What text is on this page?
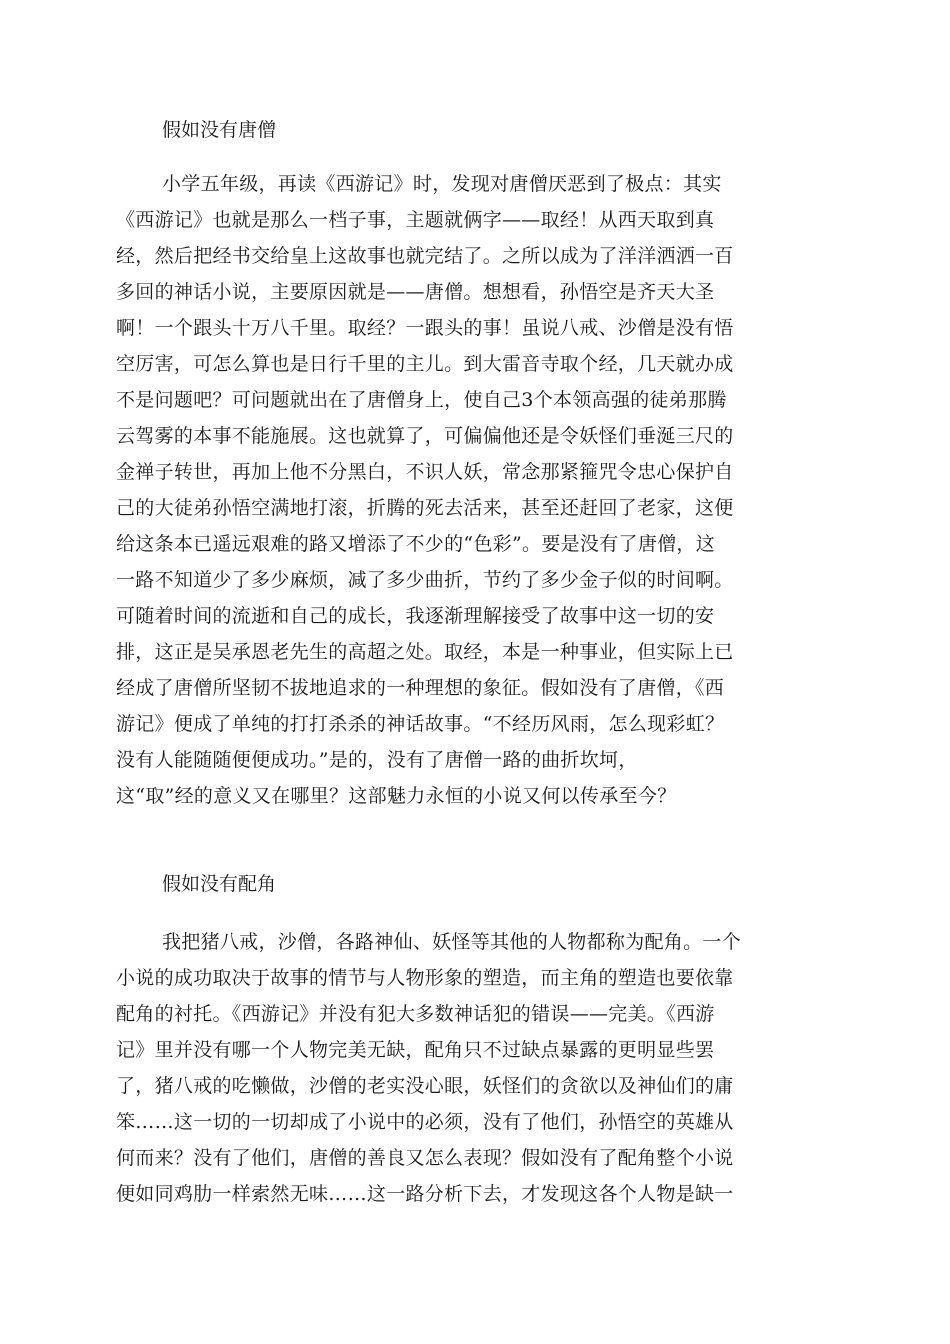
假如没有唐僧
小学五年级，再读《西游记》时，发现对唐僧厌恶到了极点：其实
《西游记》也就是那么一档子事，主题就俩字——取经！从西天取到真
经，然后把经书交给皇上这故事也就完结了。之所以成为了洋洋洒洒一百
多回的神话小说，主要原因就是——唐僧。想想看，孙悟空是齐天大圣
啊！一个跟头十万八千里。取经？一跟头的事！虽说八戒、沙僧是没有悟
空厉害，可怎么算也是日行千里的主儿。到大雷音寺取个经，几天就办成
不是问题吧？可问题就出在了唐僧身上，使自己3个本领高强的徒弟那腾
云驾雾的本事不能施展。这也就算了，可偏偏他还是令妖怪们垂涎三尺的
金禅子转世，再加上他不分黑白，不识人妖，常念那紧箍咒令忠心保护自
己的大徒弟孙悟空满地打滚，折腾的死去活来，甚至还赶回了老家，这便
给这条本已遥远艰难的路又增添了不少的“色彩”。要是没有了唐僧，这
一路不知道少了多少麻烦，减了多少曲折，节约了多少金子似的时间啊。
可随着时间的流逝和自己的成长，我逐渐理解接受了故事中这一切的安
排，这正是吴承恩老先生的高超之处。取经，本是一种事业，但实际上已
经成了唐僧所坚韧不拔地追求的一种理想的象征。假如没有了唐僧，《西
游记》便成了单纯的打打杀杀的神话故事。“不经历风雨，怎么现彩虹？
没有人能随随便便成功。”是的，没有了唐僧一路的曲折坎坷，
这“取”经的意义又在哪里？这部魅力永恒的小说又何以传承至今？
假如没有配角
我把猪八戒，沙僧，各路神仙、妖怪等其他的人物都称为配角。一个
小说的成功取决于故事的情节与人物形象的塑造，而主角的塑造也要依靠
配角的衬托。《西游记》并没有犯大多数神话犯的错误——完美。《西游
记》里并没有哪一个人物完美无缺，配角只不过缺点暴露的更明显些罢
了，猪八戒的吃懒做，沙僧的老实没心眼，妖怪们的贪欲以及神仙们的庸
笨……这一切的一切却成了小说中的必须，没有了他们，孙悟空的英雄从
何而来？没有了他们，唐僧的善良又怎么表现？假如没有了配角整个小说
便如同鸡肋一样索然无味……这一路分析下去，才发现这各个人物是缺一
